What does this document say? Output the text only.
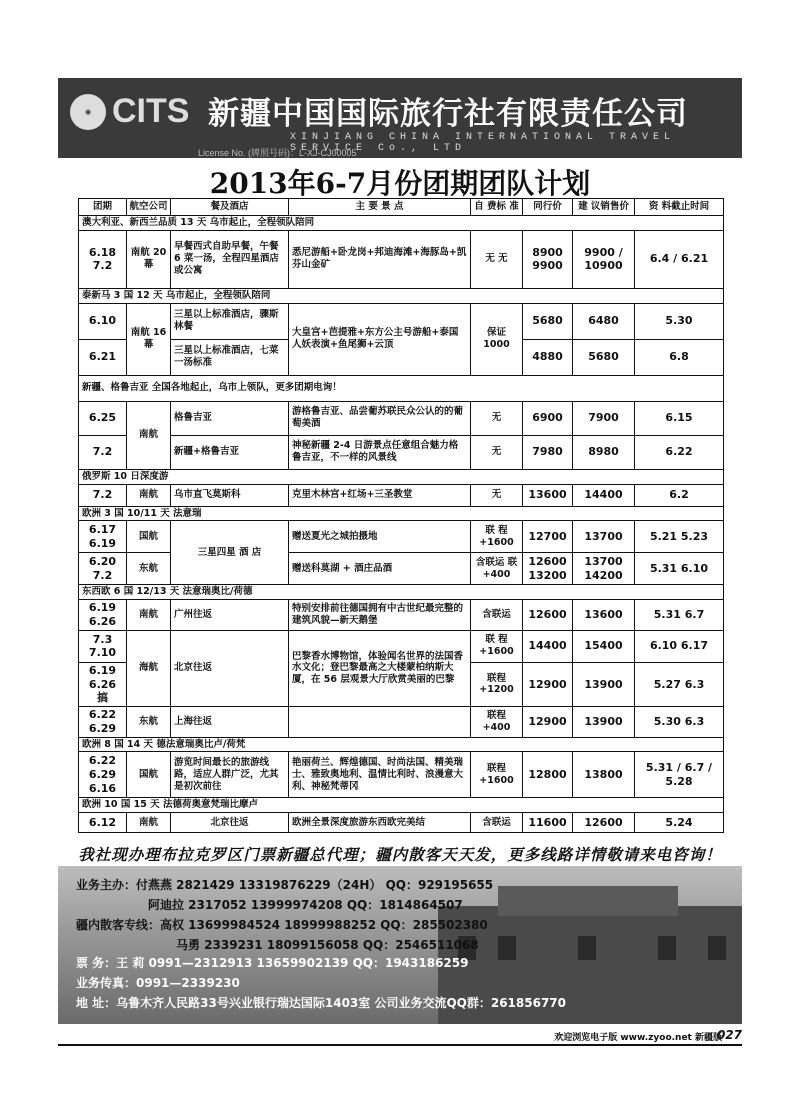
◉ CITS 新疆中国国际旅行社有限责任公司
XINJIANG CHINA INTERNATIONAL TRAVEL SERVICE Co., LTD
License No. (牌照号码)：L-XJ-CJ00005
2013年6-7月份团期团队计划
团期	航空公司	餐及酒店	主 要 景 点	自 费标 准	同行价	建 议销售价	资 料截止时间
澳大利亚、新西兰品质 13 天 乌市起止，全程领队陪同							
6.18 7.2	南航 20 幕	早餐西式自助早餐，午餐 6 菜一汤，全程四星酒店或公寓	悉尼游船+卧龙岗+邦迪海滩+海豚岛+凯芬山金矿	无 无	8900 9900	9900 / 10900	6.4 / 6.21
泰新马 3 国 12 天 乌市起止，全程领队陪同							
6.10	南航 16 幕	三星以上标准酒店，骤斯林餐	大皇宫+芭提雅+东方公主号游船+泰国人妖表演+鱼尾狮+云顶	保证 1000	5680	6480	5.30
6.21		三星以上标准酒店，七菜一汤标准			4880	5680	6.8
新疆、格鲁吉亚 全国各地起止，乌市上领队，更多团期电询！							
6.25	南航	格鲁吉亚	游格鲁吉亚、品尝葡苏联民众公认的的葡萄美酒	无	6900	7900	6.15
7.2		新疆+格鲁吉亚	神秘新疆 2-4 日游景点任意组合魅力格鲁吉亚，不一样的风景线	无	7980	8980	6.22
俄罗斯 10 日深度游							
7.2	南航	乌市直飞莫斯科	克里木林宫+红场+三圣教堂	无	13600	14400	6.2
欧洲 3 国 10/11 天 法意瑞							
6.17 6.19	国航	三星四星 酒 店	赠送夏光之城拍摄地	联 程 +1600	12700	13700	5.21 5.23
6.20 7.2	东航		赠送科莫湖 + 酒庄品酒	含联运 联+400	12600 13200	13700 14200	5.31 6.10
东西欧 6 国 12/13 天 法意瑞奥比/荷德							
6.19 6.26	南航	广州往返	特别安排前往德国拥有中古世纪最完整的建筑风貌—新天鹅堡	含联运	12600	13600	5.31 6.7
7.3 7.10	海航	北京往返	巴黎香水博物馆，体验闻名世界的法国香水文化；登巴黎最高之大楼蒙柏纳斯大厦，在 56 层观景大厅欣赏美丽的巴黎	联 程 +1600	14400	15400	6.10 6.17
6.19 6.26 搞				联程 +1200	12900	13900	5.27 6.3
6.22 6.29	东航	上海往返		联程 +400	12900	13900	5.30 6.3
欧洲 8 国 14 天 德法意瑞奥比卢/荷梵							
6.22 6.29 6.16	国航	游览时间最长的旅游线路，适应人群广泛，尤其是初次前往	艳丽荷兰、辉煌德国、时尚法国、精美瑞士、雅致奥地利、温情比利时、浪漫意大利、神秘梵蒂冈	联程 +1600	12800	13800	5.31 / 6.7 / 5.28
欧洲 10 国 15 天 法德荷奥意梵瑞比摩卢							
6.12	南航	北京往返	欧洲全景深度旅游东西欧完美结	含联运	11600	12600	5.24
我社现办理布拉克罗区门票新疆总代理；疆内散客天天发，更多线路详情敬请来电咨询！
业务主办：付燕燕 2821429 13319876229（24H） QQ：929195655
阿迪拉 2317052 13999974208 QQ：1814864507
疆内散客专线：高权 13699984524 18999988252 QQ：285502380
马勇 2339231 18099156058 QQ：2546511068
票 务：王 莉 0991—2312913 13659902139 QQ：1943186259
业务传真：0991—2339230
地 址：乌鲁木齐人民路33号兴业银行瑞达国际1403室 公司业务交流QQ群：261856770
欢迎浏览电子版 www.zyoo.net 新疆版
027
